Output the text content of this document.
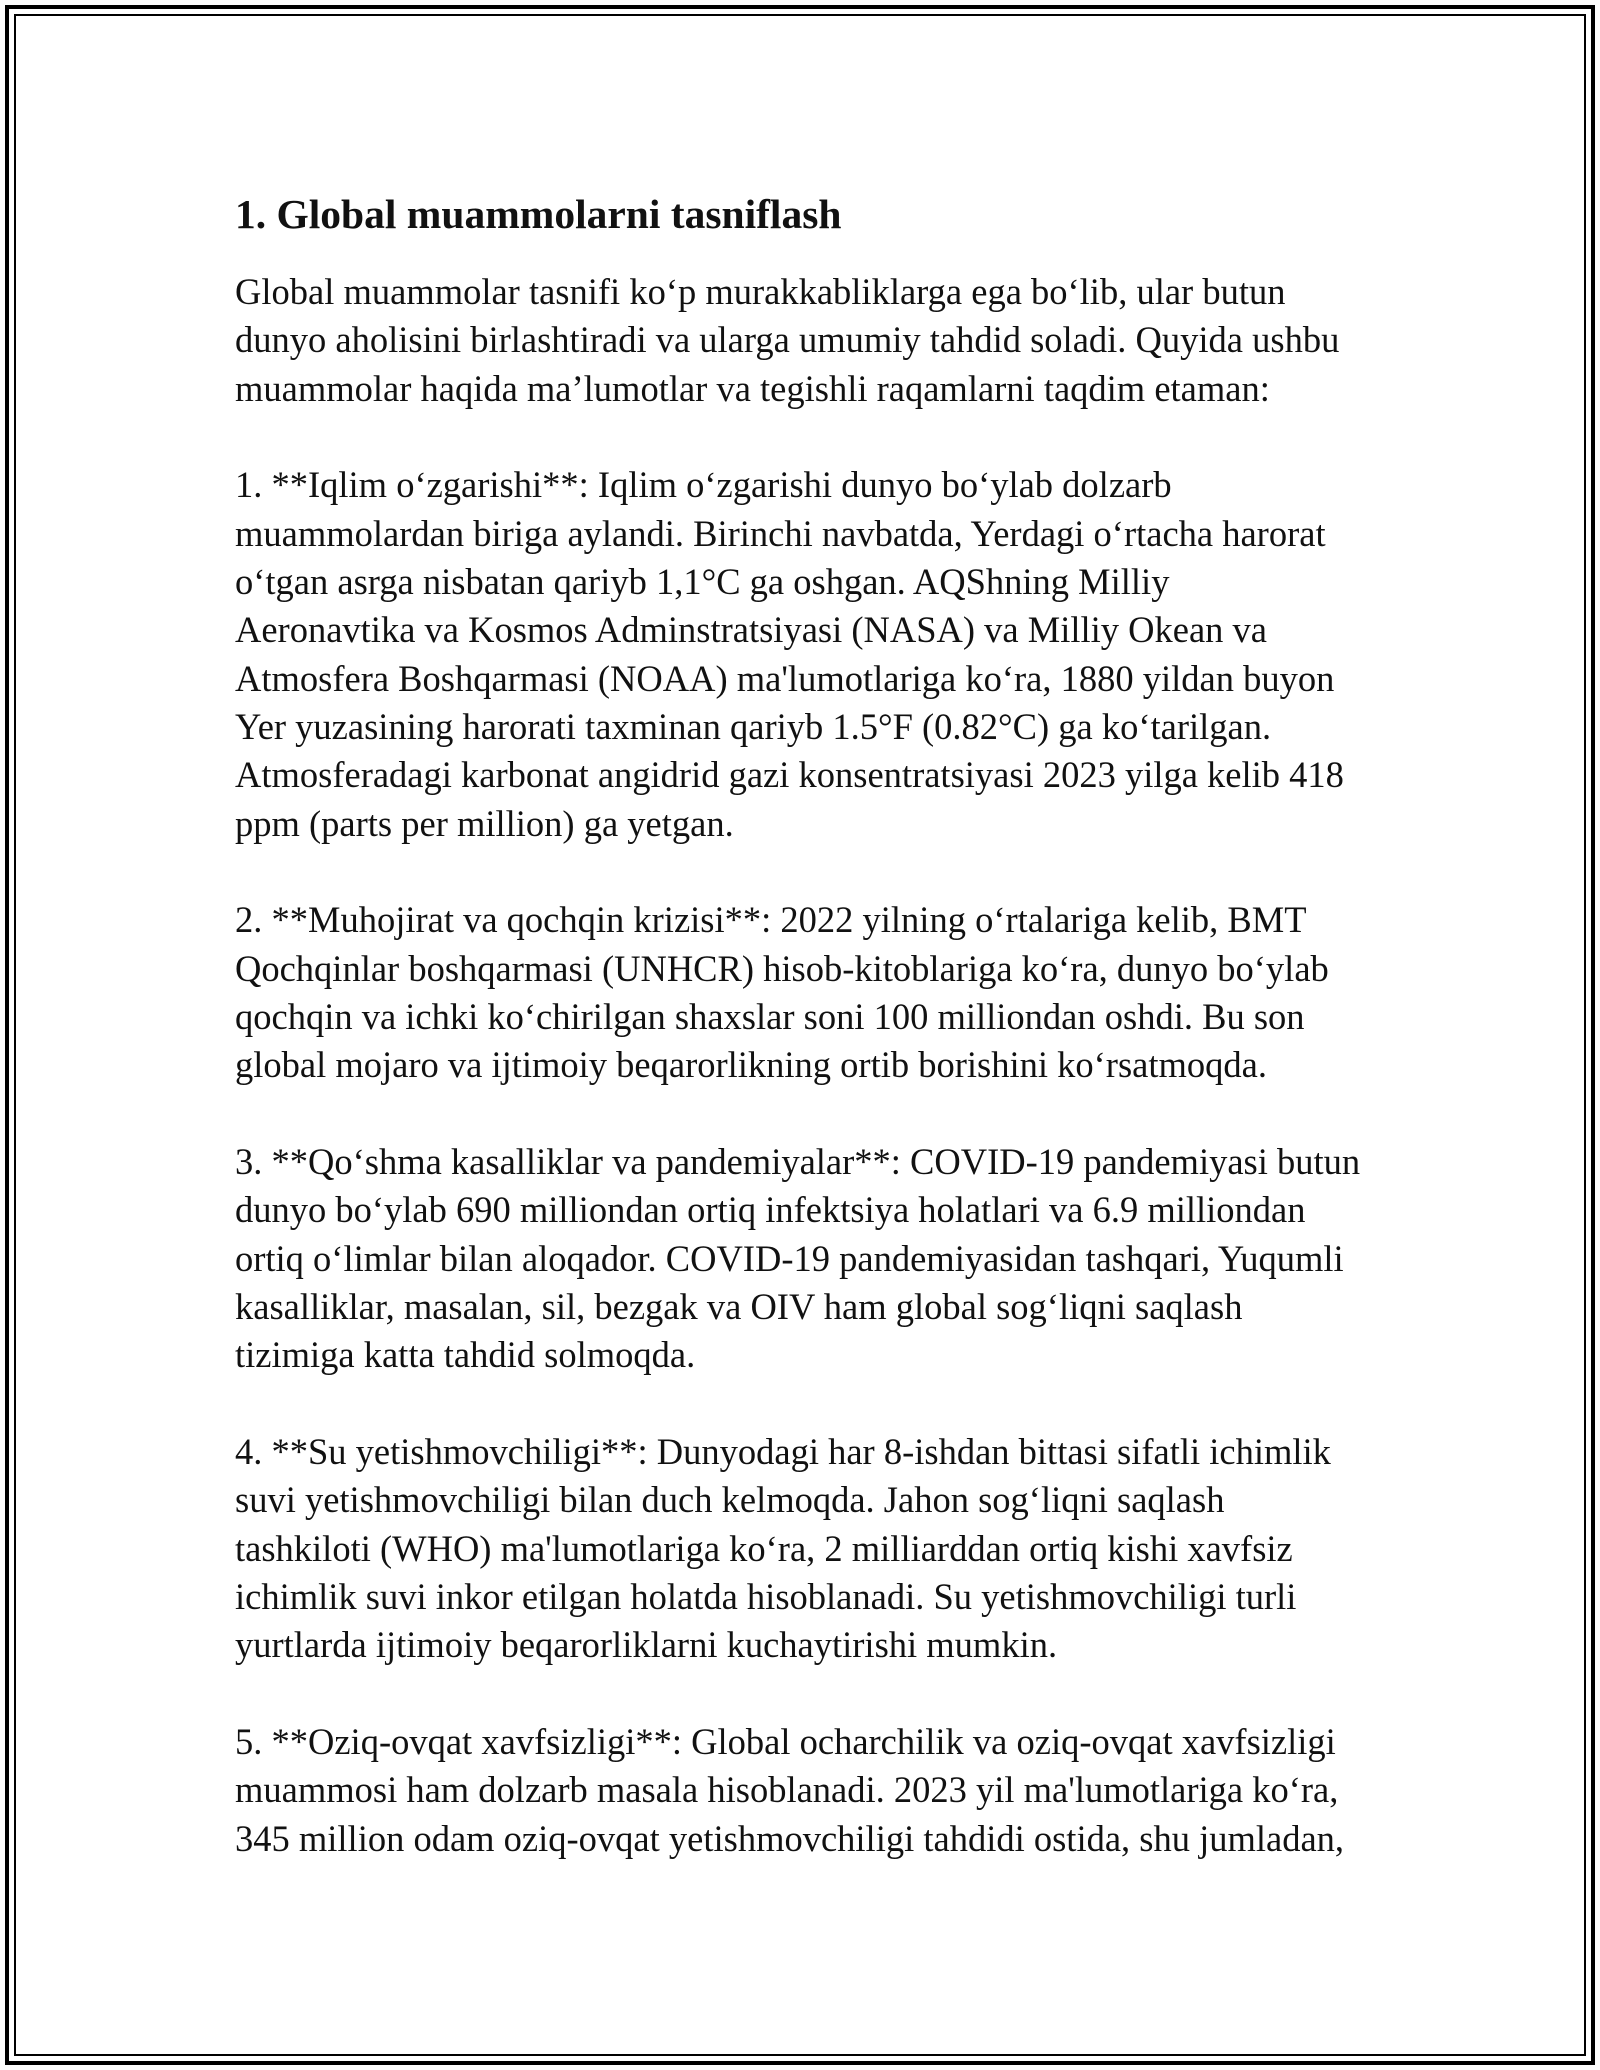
1. Global muammolarni tasniflash

Global muammolar tasnifi ko‘p murakkabliklarga ega bo‘lib, ular butun
dunyo aholisini birlashtiradi va ularga umumiy tahdid soladi. Quyida ushbu
muammolar haqida ma’lumotlar va tegishli raqamlarni taqdim etaman:

1. **Iqlim o‘zgarishi**: Iqlim o‘zgarishi dunyo bo‘ylab dolzarb
muammolardan biriga aylandi. Birinchi navbatda, Yerdagi o‘rtacha harorat
o‘tgan asrga nisbatan qariyb 1,1°C ga oshgan. AQShning Milliy
Aeronavtika va Kosmos Adminstratsiyasi (NASA) va Milliy Okean va
Atmosfera Boshqarmasi (NOAA) ma'lumotlariga ko‘ra, 1880 yildan buyon
Yer yuzasining harorati taxminan qariyb 1.5°F (0.82°C) ga ko‘tarilgan.
Atmosferadagi karbonat angidrid gazi konsentratsiyasi 2023 yilga kelib 418
ppm (parts per million) ga yetgan.

2. **Muhojirat va qochqin krizisi**: 2022 yilning o‘rtalariga kelib, BMT
Qochqinlar boshqarmasi (UNHCR) hisob-kitoblariga ko‘ra, dunyo bo‘ylab
qochqin va ichki ko‘chirilgan shaxslar soni 100 milliondan oshdi. Bu son
global mojaro va ijtimoiy beqarorlikning ortib borishini ko‘rsatmoqda.

3. **Qo‘shma kasalliklar va pandemiyalar**: COVID-19 pandemiyasi butun
dunyo bo‘ylab 690 milliondan ortiq infektsiya holatlari va 6.9 milliondan
ortiq o‘limlar bilan aloqador. COVID-19 pandemiyasidan tashqari, Yuqumli
kasalliklar, masalan, sil, bezgak va OIV ham global sog‘liqni saqlash
tizimiga katta tahdid solmoqda.

4. **Su yetishmovchiligi**: Dunyodagi har 8-ishdan bittasi sifatli ichimlik
suvi yetishmovchiligi bilan duch kelmoqda. Jahon sog‘liqni saqlash
tashkiloti (WHO) ma'lumotlariga ko‘ra, 2 milliarddan ortiq kishi xavfsiz
ichimlik suvi inkor etilgan holatda hisoblanadi. Su yetishmovchiligi turli
yurtlarda ijtimoiy beqarorliklarni kuchaytirishi mumkin.

5. **Oziq-ovqat xavfsizligi**: Global ocharchilik va oziq-ovqat xavfsizligi
muammosi ham dolzarb masala hisoblanadi. 2023 yil ma'lumotlariga ko‘ra,
345 million odam oziq-ovqat yetishmovchiligi tahdidi ostida, shu jumladan,
